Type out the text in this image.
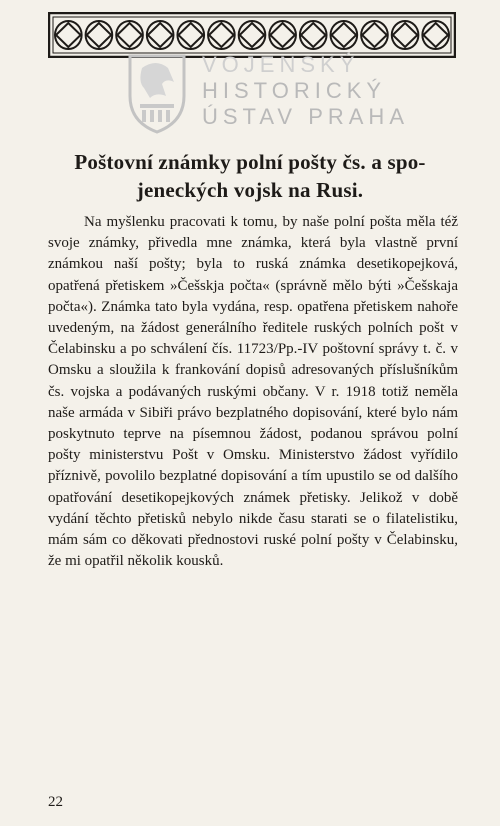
VOJENSKÝ
HISTORICKÝ
ÚSTAV PRAHA
Poštovní známky polní pošty čs. a spo-
jeneckých vojsk na Rusi.

Na myšlenku pracovati k tomu, by naše polní pošta měla též svoje známky, přivedla mne známka, která byla vlastně první známkou naší pošty; byla to ruská známka desetikopejková, opatřená přetiskem »Češskja počta« (správně mělo býti »Češskaja počta«). Známka tato byla vydána, resp. opatřena přetiskem nahoře uvedeným, na žádost generálního ředitele ruských polních pošt v Čelabinsku a po schválení čís. 11723/Pp.-IV poštovní správy t. č. v Omsku a sloužila k frankování dopisů adresovaných příslušníkům čs. vojska a podávaných ruskými občany. V r. 1918 totiž neměla naše armáda v Sibiři právo bezplatného dopisování, které bylo nám poskytnuto teprve na písemnou žádost, podanou správou polní pošty ministerstvu Pošt v Omsku. Ministerstvo žádost vyřídilo příznivě, povolilo bezplatné dopisování a tím upustilo se od dalšího opatřování desetikopejkových známek přetisky. Jelikož v době vydání těchto přetisků nebylo nikde času starati se o filatelistiku, mám sám co děkovati přednostovi ruské polní pošty v Čelabinsku, že mi opatřil několik kousků.

22
